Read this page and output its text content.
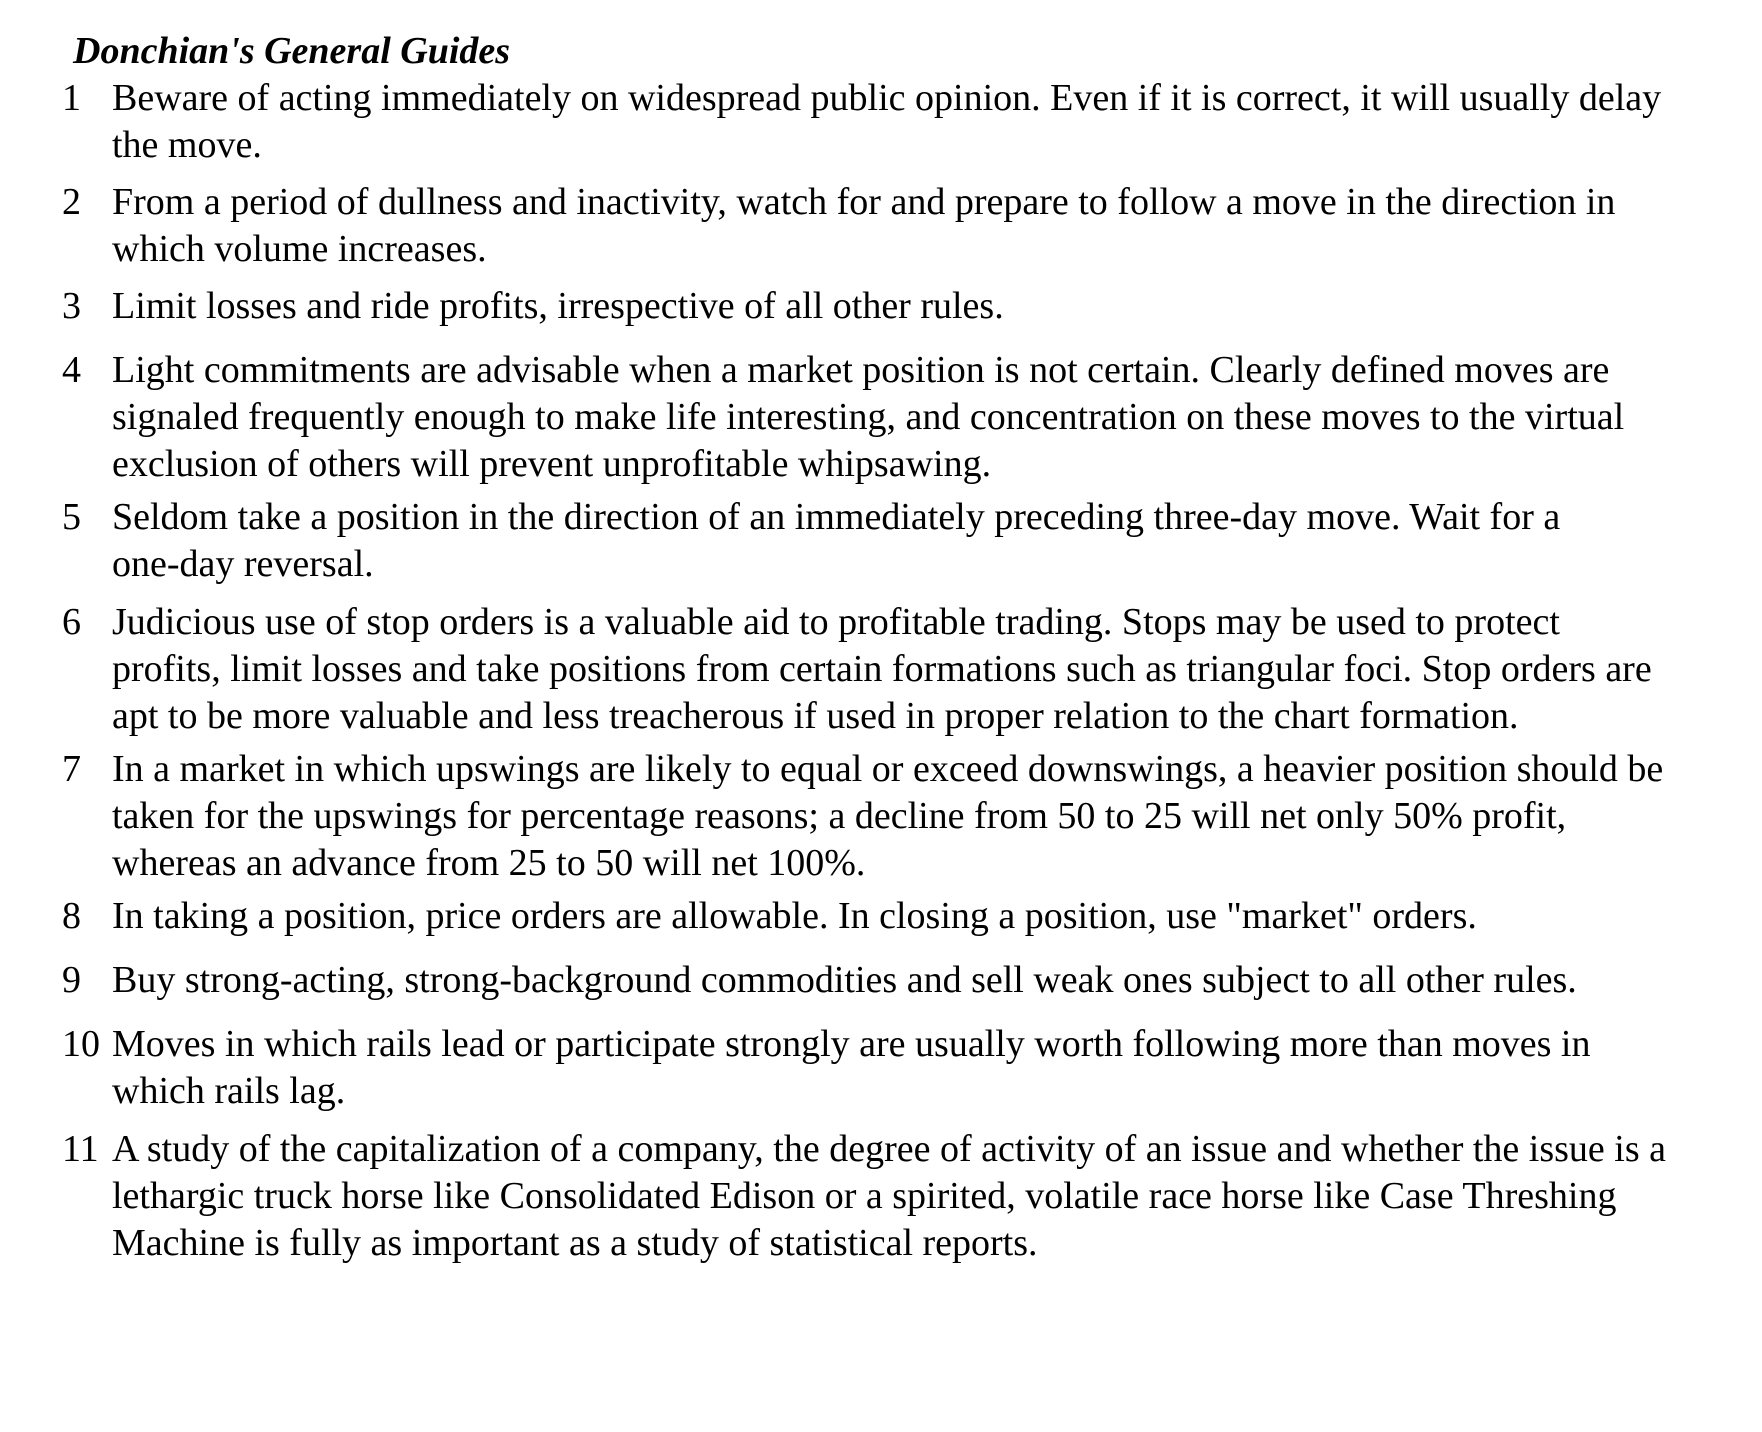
Donchian's General Guides
1 Beware of acting immediately on widespread public opinion. Even if it is correct, it will usually delay
the move.
2 From a period of dullness and inactivity, watch for and prepare to follow a move in the direction in
which volume increases.
3 Limit losses and ride profits, irrespective of all other rules.
4 Light commitments are advisable when a market position is not certain. Clearly defined moves are
signaled frequently enough to make life interesting, and concentration on these moves to the virtual
exclusion of others will prevent unprofitable whipsawing.
5 Seldom take a position in the direction of an immediately preceding three-day move. Wait for a
one-day reversal.
6 Judicious use of stop orders is a valuable aid to profitable trading. Stops may be used to protect
profits, limit losses and take positions from certain formations such as triangular foci. Stop orders are
apt to be more valuable and less treacherous if used in proper relation to the chart formation.
7 In a market in which upswings are likely to equal or exceed downswings, a heavier position should be
taken for the upswings for percentage reasons; a decline from 50 to 25 will net only 50% profit,
whereas an advance from 25 to 50 will net 100%.
8 In taking a position, price orders are allowable. In closing a position, use "market" orders.
9 Buy strong-acting, strong-background commodities and sell weak ones subject to all other rules.
10 Moves in which rails lead or participate strongly are usually worth following more than moves in
which rails lag.
11 A study of the capitalization of a company, the degree of activity of an issue and whether the issue is a
lethargic truck horse like Consolidated Edison or a spirited, volatile race horse like Case Threshing
Machine is fully as important as a study of statistical reports.
